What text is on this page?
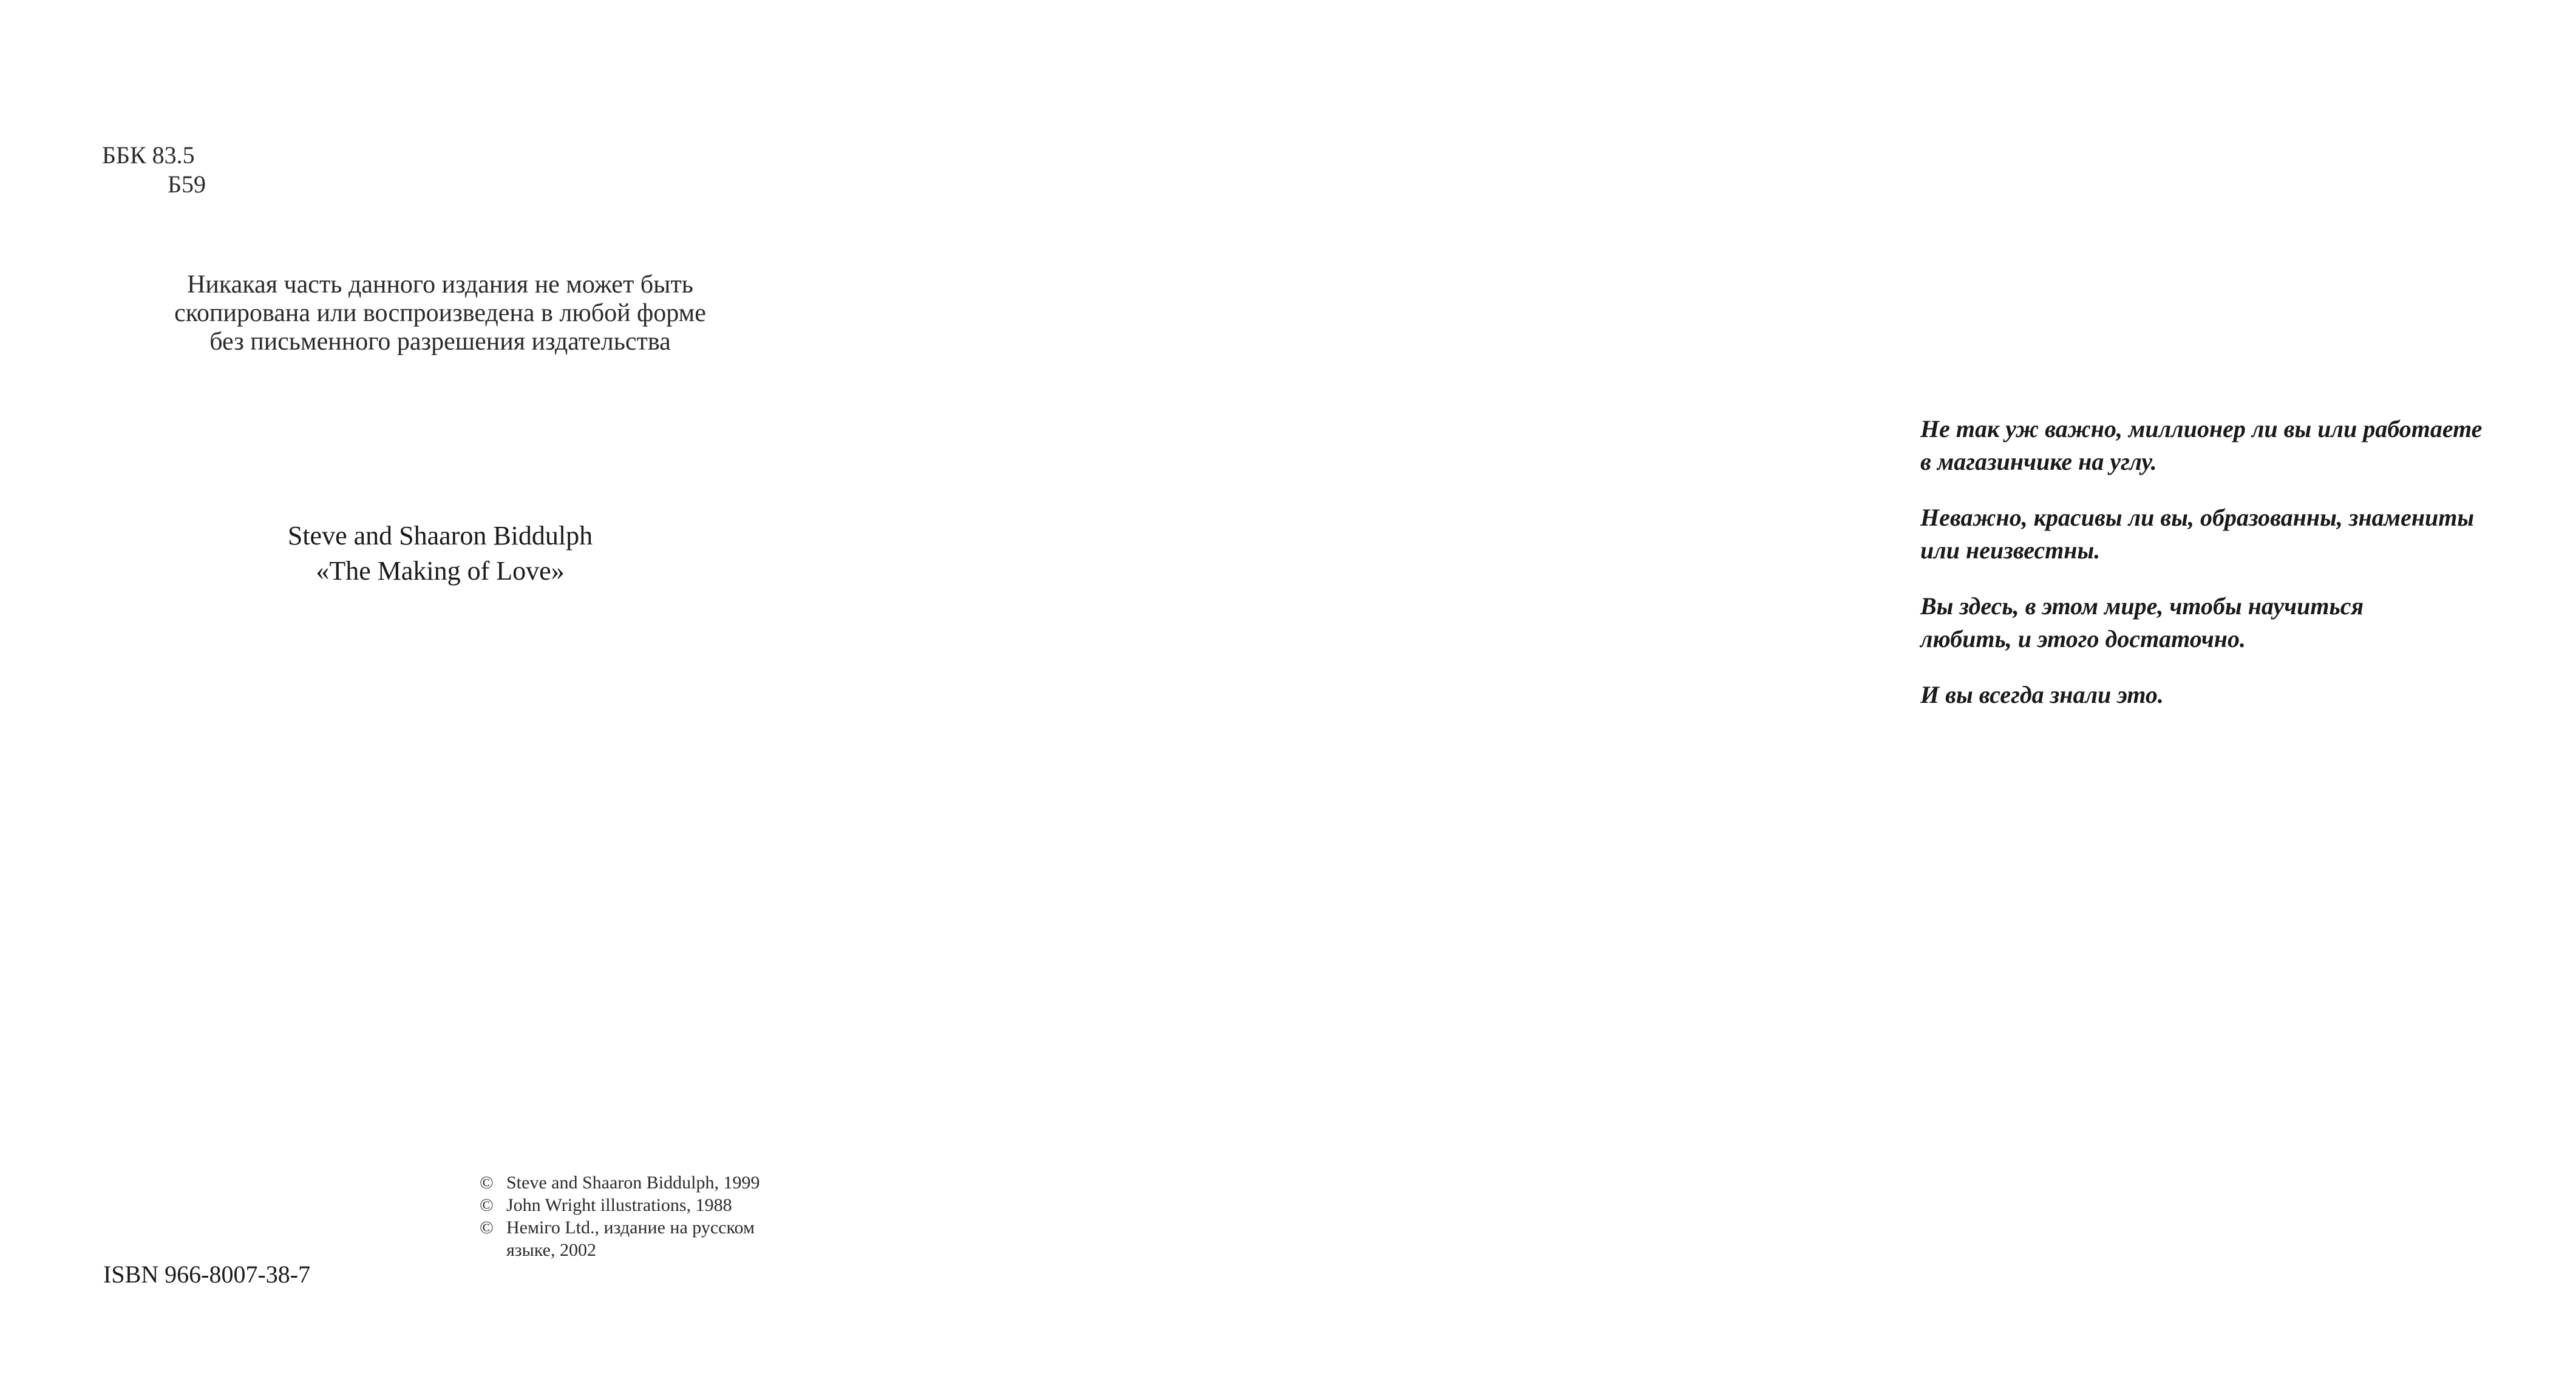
ББК 83.5
Б59
Никакая часть данного издания не может быть
скопирована или воспроизведена в любой форме
без письменного разрешения издательства
Steve and Shaaron Biddulph
«The Making of Love»
© Steve and Shaaron Biddulph, 1999
© John Wright illustrations, 1988
© Неміго Ltd., издание на русском языке, 2002
ISBN 966-8007-38-7

Не так уж важно, миллионер ли вы или работаете
в магазинчике на углу.

Неважно, красивы ли вы, образованны, знамениты
или неизвестны.

Вы здесь, в этом мире, чтобы научиться
любить, и этого достаточно.

И вы всегда знали это.
